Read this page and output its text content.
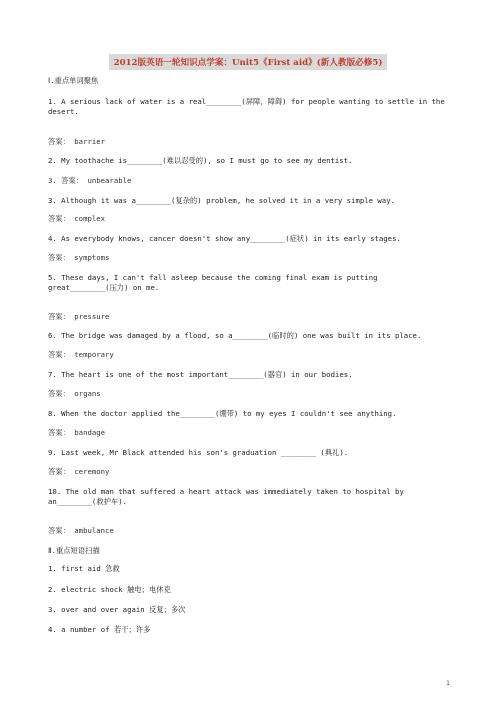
2012版英语一轮知识点学案：Unit5《First aid》(新人教版必修5)
Ⅰ.重点单词聚焦
1. A serious lack of water is a real________(屏障，障碍) for people wanting to settle in the desert.
答案： barrier
2. My toothache is________(难以忍受的), so I must go to see my dentist.
3. 答案： unbearable
3. Although it was a________(复杂的) problem, he solved it in a very simple way.
答案： complex
4. As everybody knows, cancer doesn't show any________(症状) in its early stages.
答案： symptoms
5. These days, I can't fall asleep because the coming final exam is putting great________(压力) on me.
答案： pressure
6. The bridge was damaged by a flood, so a________(临时的) one was built in its place.
答案： temporary
7. The heart is one of the most important________(器官) in our bodies.
答案： organs
8. When the doctor applied the________(绷带) to my eyes I couldn't see anything.
答案： bandage
9. Last week, Mr Black attended his son's graduation ________ (典礼).
答案： ceremony
10. The old man that suffered a heart attack was immediately taken to hospital by an________(救护车).
答案： ambulance
Ⅱ.重点短语扫描
1. first aid 急救
2. electric shock 触电；电休克
3. over and over again 反复；多次
4. a number of 若干；许多
1
